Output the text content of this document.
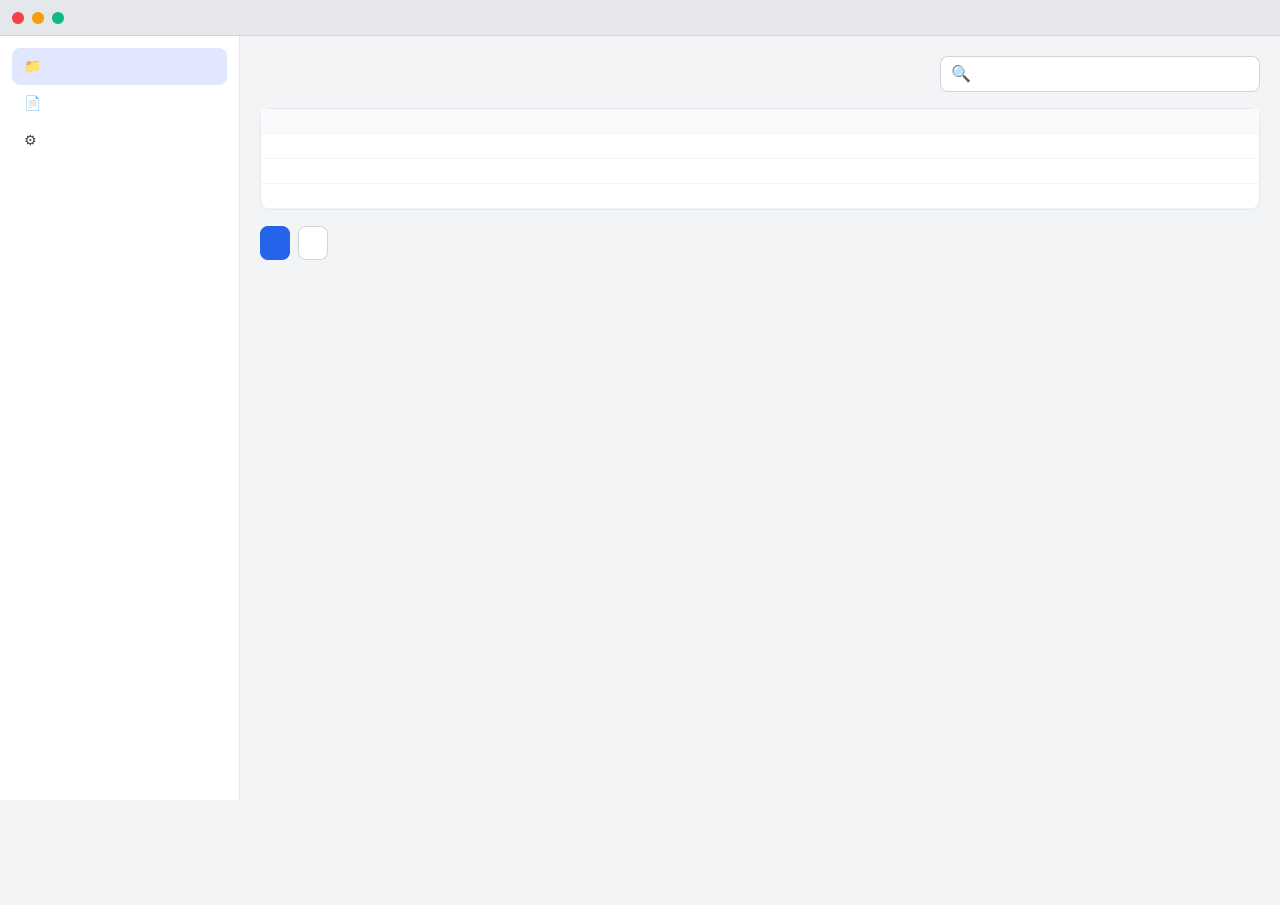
📁
📄
⚙
🔍
